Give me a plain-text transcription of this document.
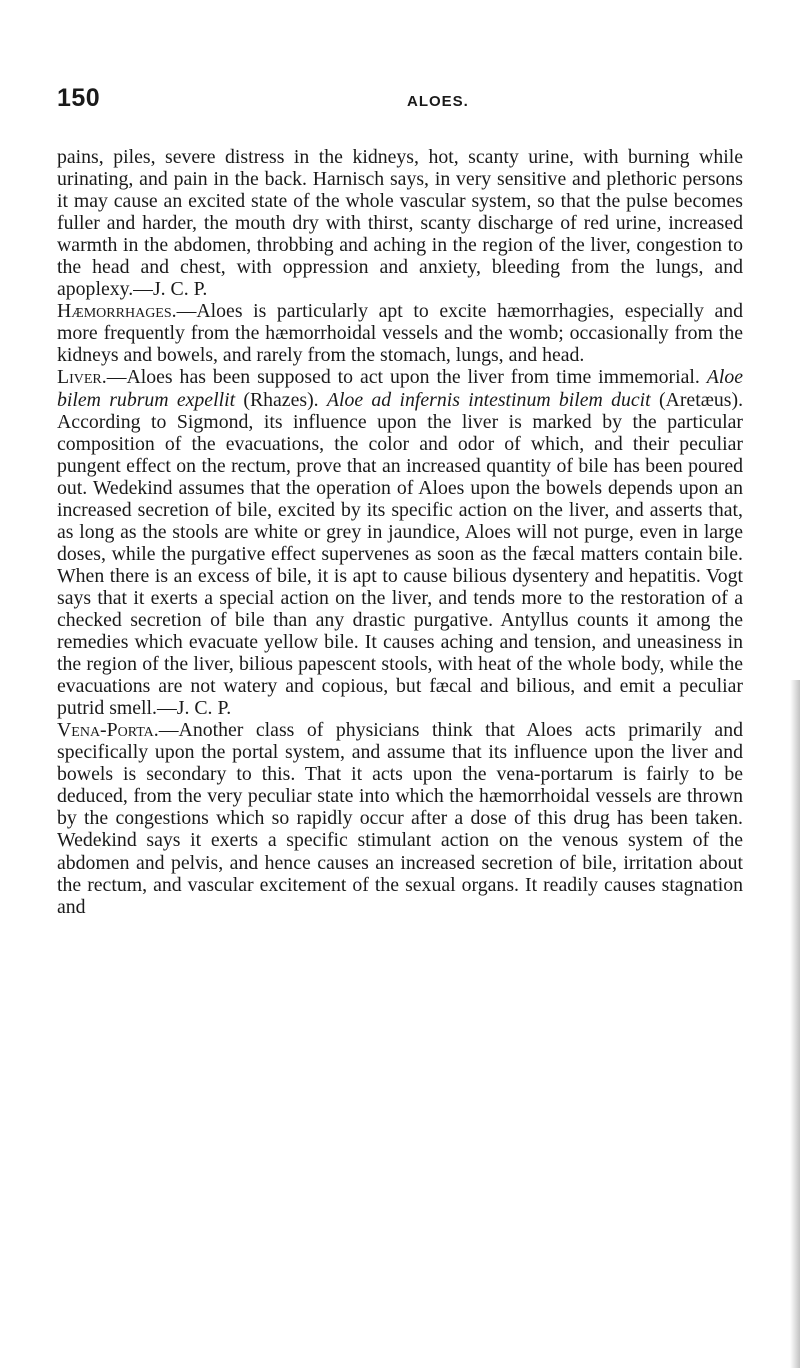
150	ALOES.

pains, piles, severe distress in the kidneys, hot, scanty urine, with burning while urinating, and pain in the back. Harnisch says, in very sensitive and plethoric persons it may cause an excited state of the whole vascular system, so that the pulse becomes fuller and harder, the mouth dry with thirst, scanty discharge of red urine, increased warmth in the abdomen, throbbing and aching in the region of the liver, congestion to the head and chest, with oppression and anxiety, bleeding from the lungs, and apoplexy.—J. C. P.

Hæmorrhages.—Aloes is particularly apt to excite hæmorrhagies, especially and more frequently from the hæmorrhoidal vessels and the womb; occasionally from the kidneys and bowels, and rarely from the stomach, lungs, and head.

Liver.—Aloes has been supposed to act upon the liver from time immemorial. Aloe bilem rubrum expellit (Rhazes). Aloe ad infernis intestinum bilem ducit (Aretæus). According to Sigmond, its influence upon the liver is marked by the particular composition of the evacuations, the color and odor of which, and their peculiar pungent effect on the rectum, prove that an increased quantity of bile has been poured out. Wedekind assumes that the operation of Aloes upon the bowels depends upon an increased secretion of bile, excited by its specific action on the liver, and asserts that, as long as the stools are white or grey in jaundice, Aloes will not purge, even in large doses, while the purgative effect supervenes as soon as the fæcal matters contain bile. When there is an excess of bile, it is apt to cause bilious dysentery and hepatitis. Vogt says that it exerts a special action on the liver, and tends more to the restoration of a checked secretion of bile than any drastic purgative. Antyllus counts it among the remedies which evacuate yellow bile. It causes aching and tension, and uneasiness in the region of the liver, bilious papescent stools, with heat of the whole body, while the evacuations are not watery and copious, but fæcal and bilious, and emit a peculiar putrid smell.—J. C. P.

Vena-Porta.—Another class of physicians think that Aloes acts primarily and specifically upon the portal system, and assume that its influence upon the liver and bowels is secondary to this. That it acts upon the vena-portarum is fairly to be deduced, from the very peculiar state into which the hæmorrhoidal vessels are thrown by the congestions which so rapidly occur after a dose of this drug has been taken. Wedekind says it exerts a specific stimulant action on the venous system of the abdomen and pelvis, and hence causes an increased secretion of bile, irritation about the rectum, and vascular excitement of the sexual organs. It readily causes stagnation and
